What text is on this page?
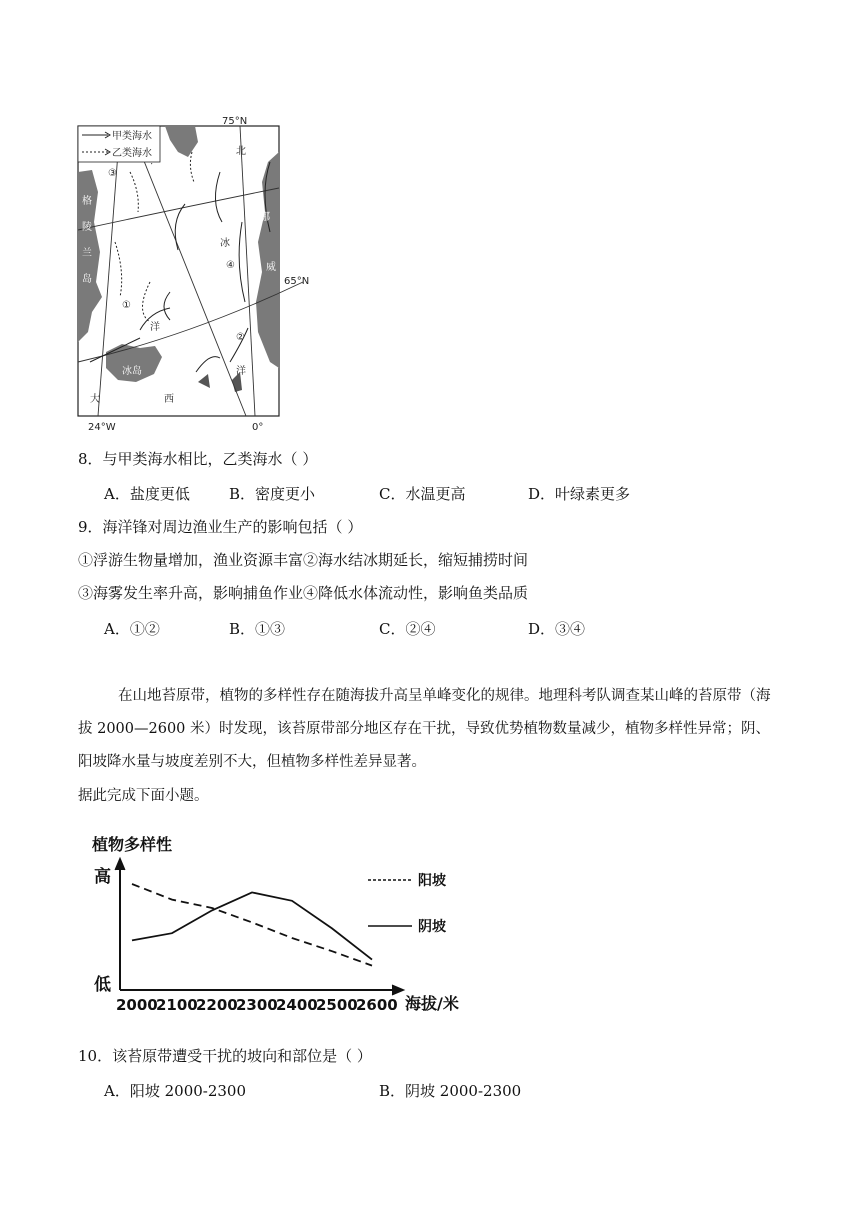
甲类海水
乙类海水
75°N
65°N
24°W	0°
北
冰
洋
洋
格
陵
兰
岛
挪
威
冰岛
大	西
③
①
②
④
8．与甲类海水相比，乙类海水（ ）
A．盐度更低	B．密度更小	C．水温更高	D．叶绿素更多
9．海洋锋对周边渔业生产的影响包括（ ）
①浮游生物量增加，渔业资源丰富②海水结冰期延长，缩短捕捞时间
③海雾发生率升高，影响捕鱼作业④降低水体流动性，影响鱼类品质
A．①②	B．①③	C．②④	D．③④
在山地苔原带，植物的多样性存在随海拔升高呈单峰变化的规律。地理科考队调查某山峰的苔原带（海
拔 2000—2600 米）时发现，该苔原带部分地区存在干扰，导致优势植物数量减少，植物多样性异常；阴、
阳坡降水量与坡度差别不大，但植物多样性差异显著。
据此完成下面小题。
植物多样性
高
低
海拔/米
2000
2100
2200
2300
2400
2500
2600
阳坡
阴坡
10．该苔原带遭受干扰的坡向和部位是（ ）
A．阳坡 2000-2300	B．阴坡 2000-2300
